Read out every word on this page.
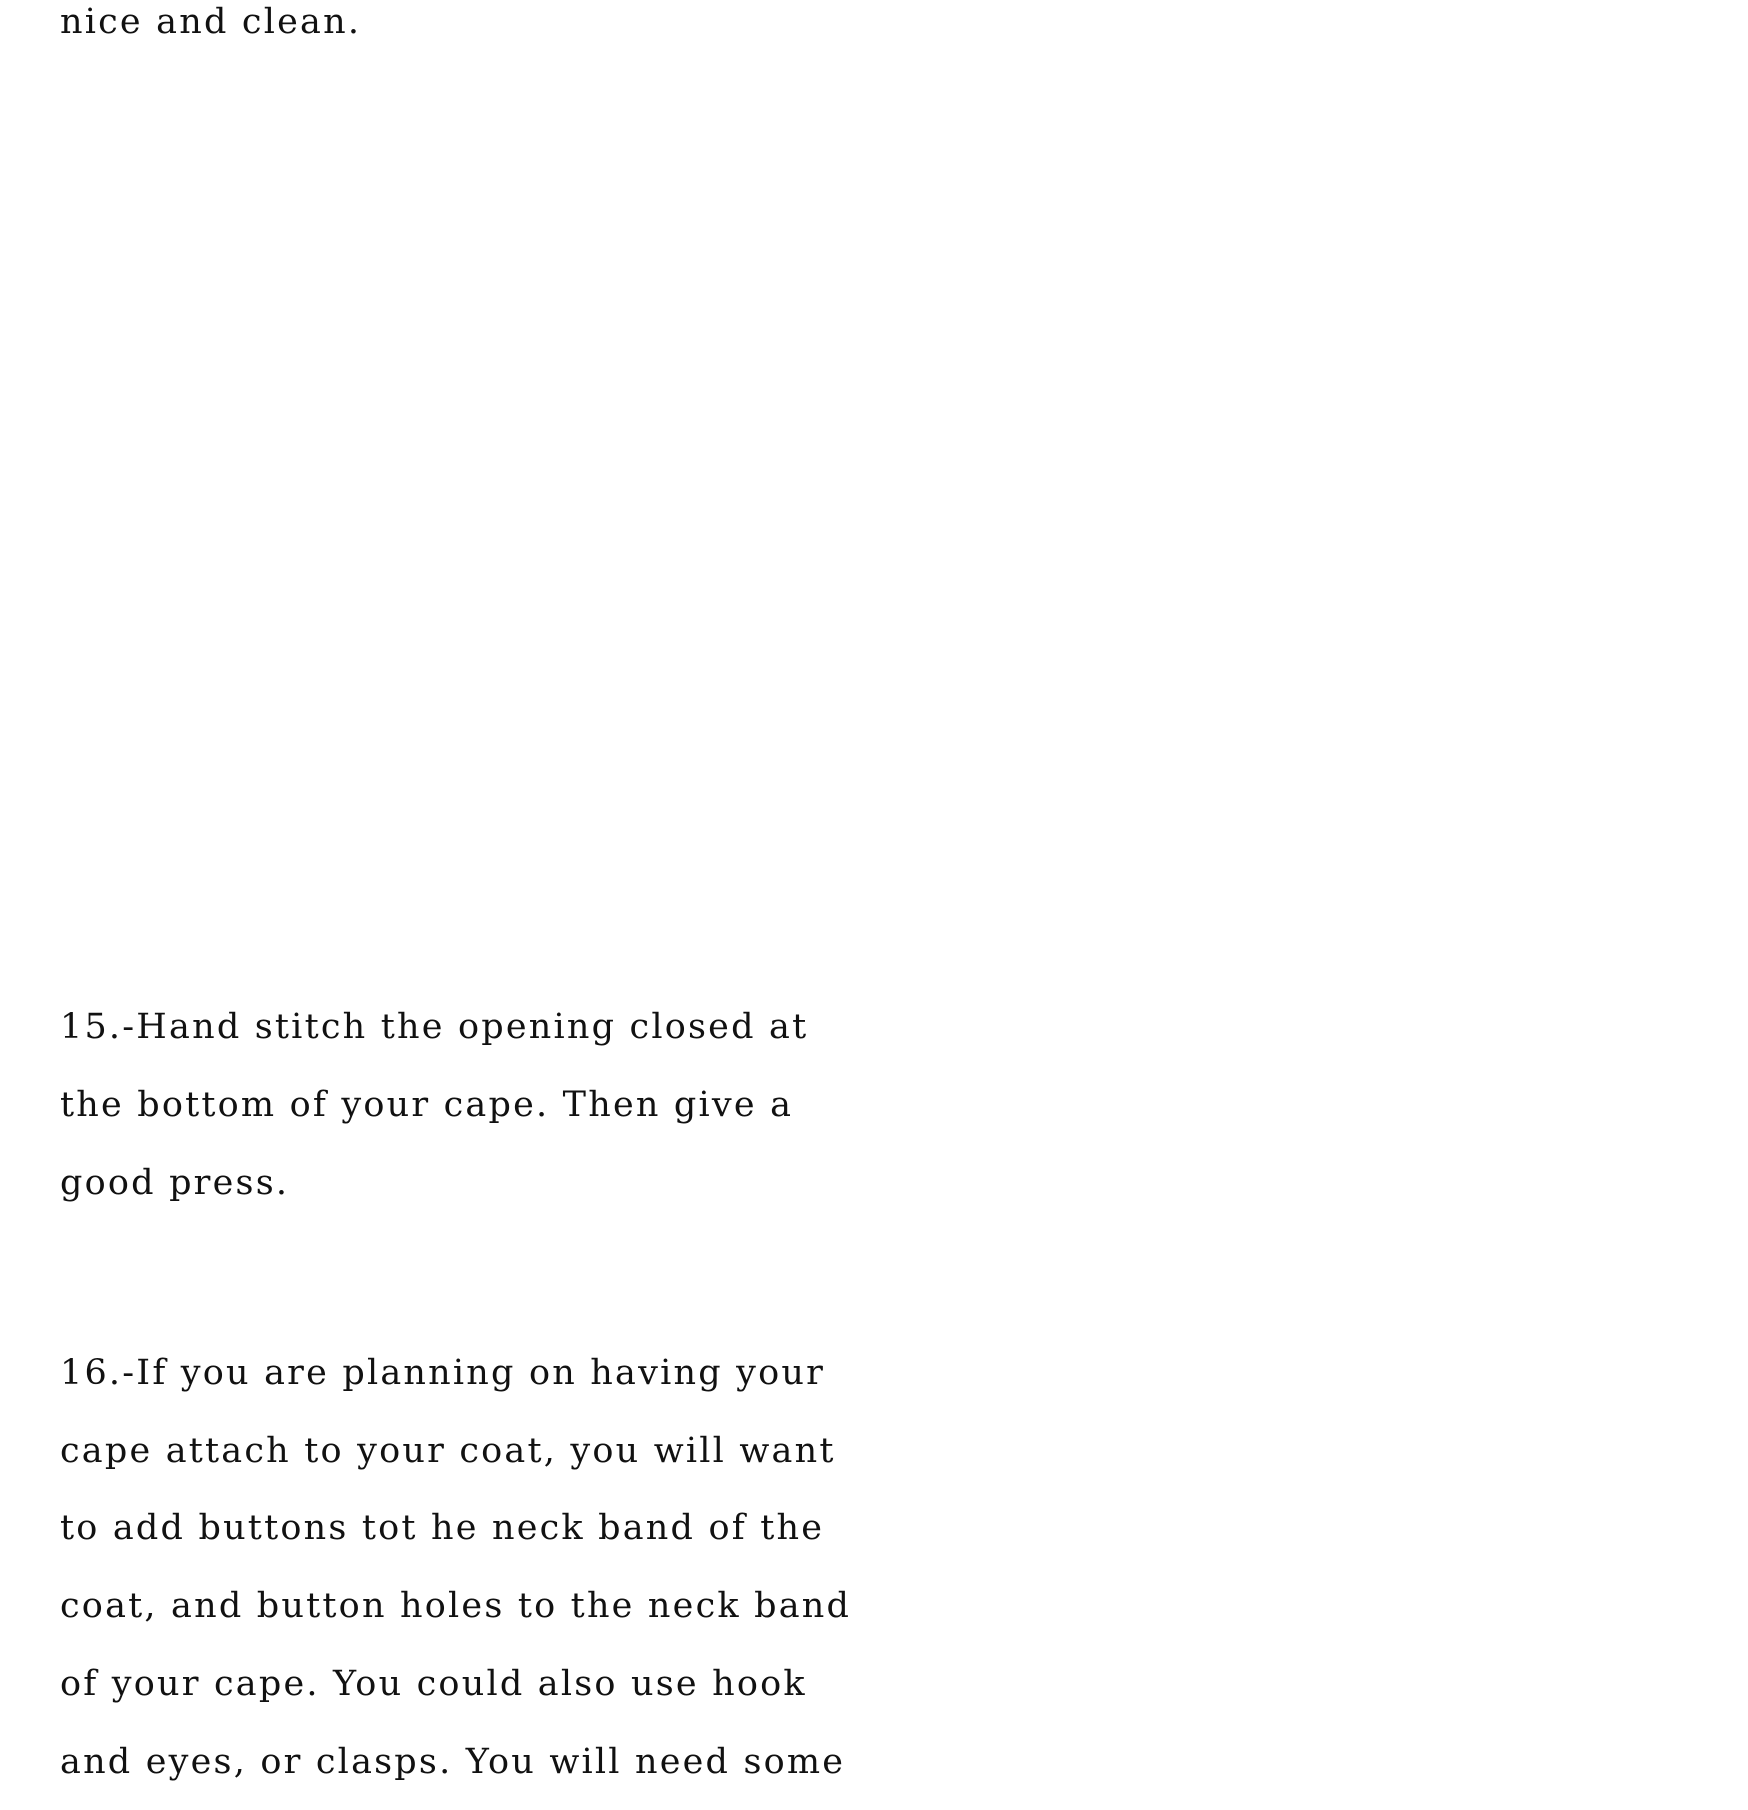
nice and clean.

15.-Hand stitch the opening closed at

the bottom of your cape. Then give a

good press.

16.-If you are planning on having your

cape attach to your coat, you will want

to add buttons tot he neck band of the

coat, and button holes to the neck band

of your cape. You could also use hook

and eyes, or clasps. You will need some
